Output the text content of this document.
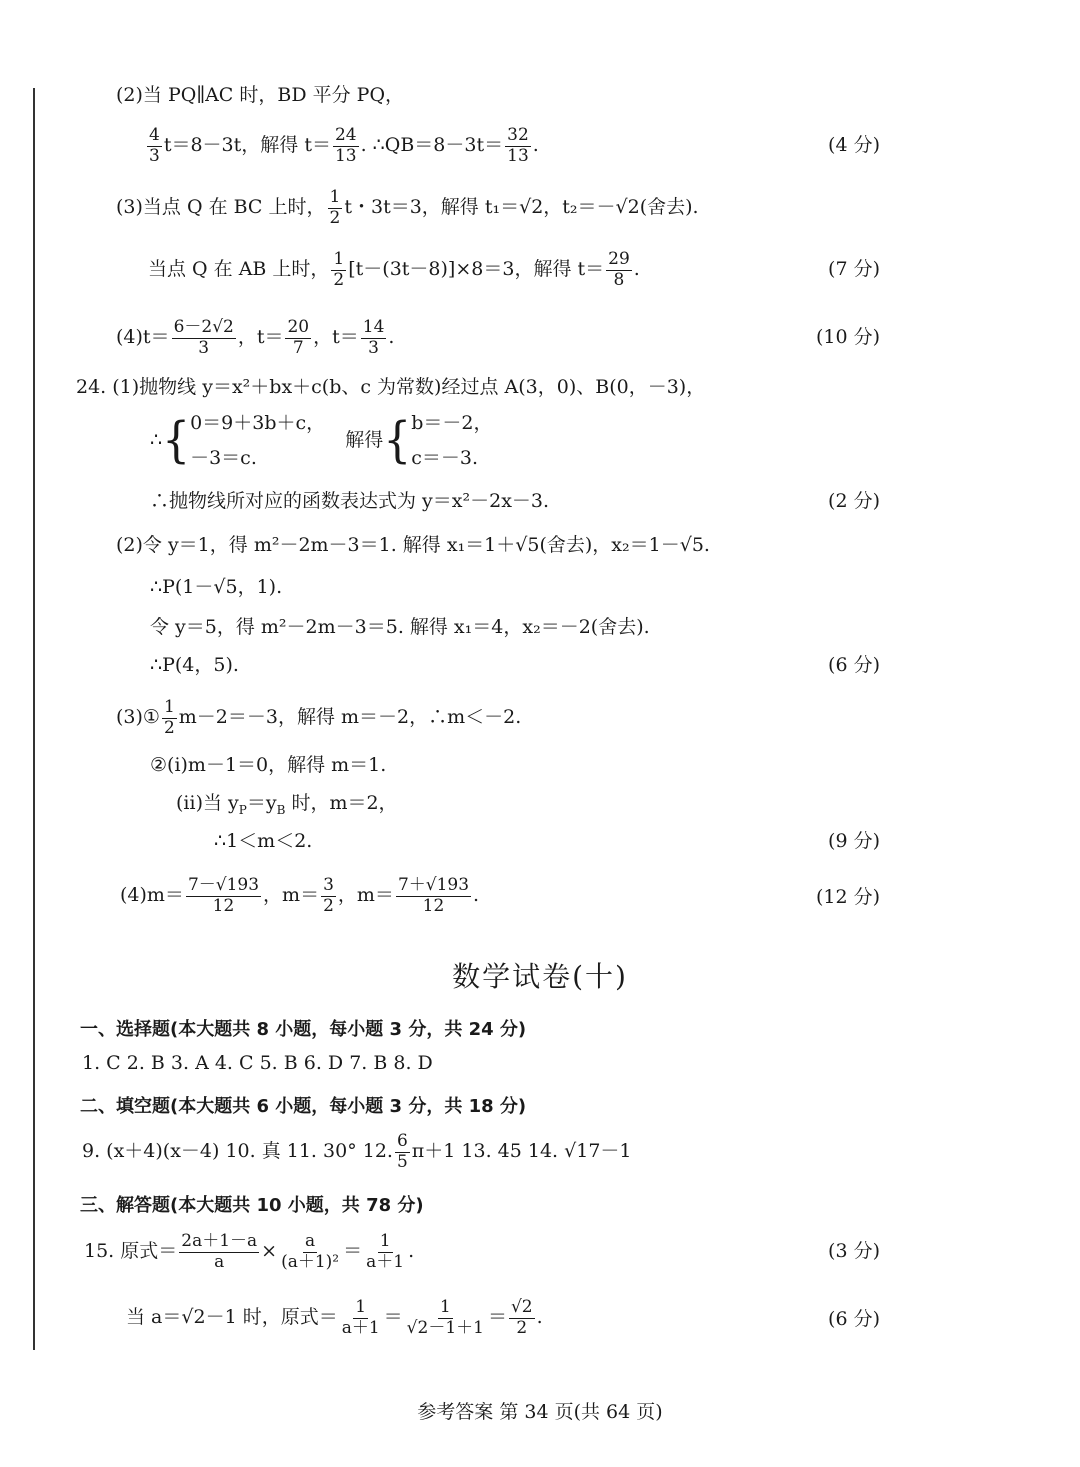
(2)当 PQ∥AC 时，BD 平分 PQ，
$\frac{4}{3} t=8-3t$，解得 $t= \frac{24}{13}$ . ∴QB＝8－3t＝ $\frac{32}{13}$ .	(4 分)
(3)当点 Q 在 BC 上时， $\frac{1}{2}$ t・3t＝3，解得 t₁＝√2，t₂＝－√2(舍去).
当点 Q 在 AB 上时， $\frac{1}{2} [t-(3t-8)]\times 8=3$，解得 $t= \frac{29}{8}$ .	(7 分)
$(4)t= \frac{6-2√2}{3}$ ，$t= \frac{20}{7}$ ，$t= \frac{14}{3}$ .	(10 分)
24. (1)抛物线 y＝x²＋bx＋c(b、c 为常数)经过点 A(3，0)、B(0，－3)，
∴{ 0＝9＋3b＋c，
－3＝c.
解得{ b＝－2，
c＝－3.
∴抛物线所对应的函数表达式为 y＝x²－2x－3.	(2 分)
(2)令 y＝1，得 m²－2m－3＝1. 解得 x₁＝1＋√5(舍去)，x₂＝1－√5.
∴P(1－√5，1).
令 y＝5，得 m²－2m－3＝5. 解得 x₁＝4，x₂＝－2(舍去).
∴P(4，5).	(6 分)
(3)① $\frac{1}{2} m-2=-3$，解得 m＝－2，∴m＜－2.
②(ⅰ)m－1＝0，解得 m＝1.
(ⅱ)当 $y_P=y_B$ 时，m＝2，
∴1＜m＜2.	(9 分)
$(4)m= \frac{7-√193}{12}$ ，$m= \frac{3}{2}$ ，$m= \frac{7+√193}{12}$ .	(12 分)
数学试卷(十)
一、选择题(本大题共 8 小题，每小题 3 分，共 24 分)
1. C 2. B 3. A 4. C 5. B 6. D 7. B 8. D
二、填空题(本大题共 6 小题，每小题 3 分，共 18 分)
9. (x＋4)(x－4) 10. 真 11. 30° 12. $\frac{6}{5} \pi+1$ 13. 45 14. √17－1
三、解答题(本大题共 10 小题，共 78 分)
15. 原式＝ $\frac{2a+1-a}{a} \times \frac{a}{\text{(a＋1)²}} = \frac{1}{a+1}$ .	(3 分)
当 a＝√2－1 时，原式＝ $\frac{1}{a+1} = \frac{1}{√2-1+1} = \frac{√2}{2}$ .	(6 分)
参考答案 第 34 页(共 64 页)
